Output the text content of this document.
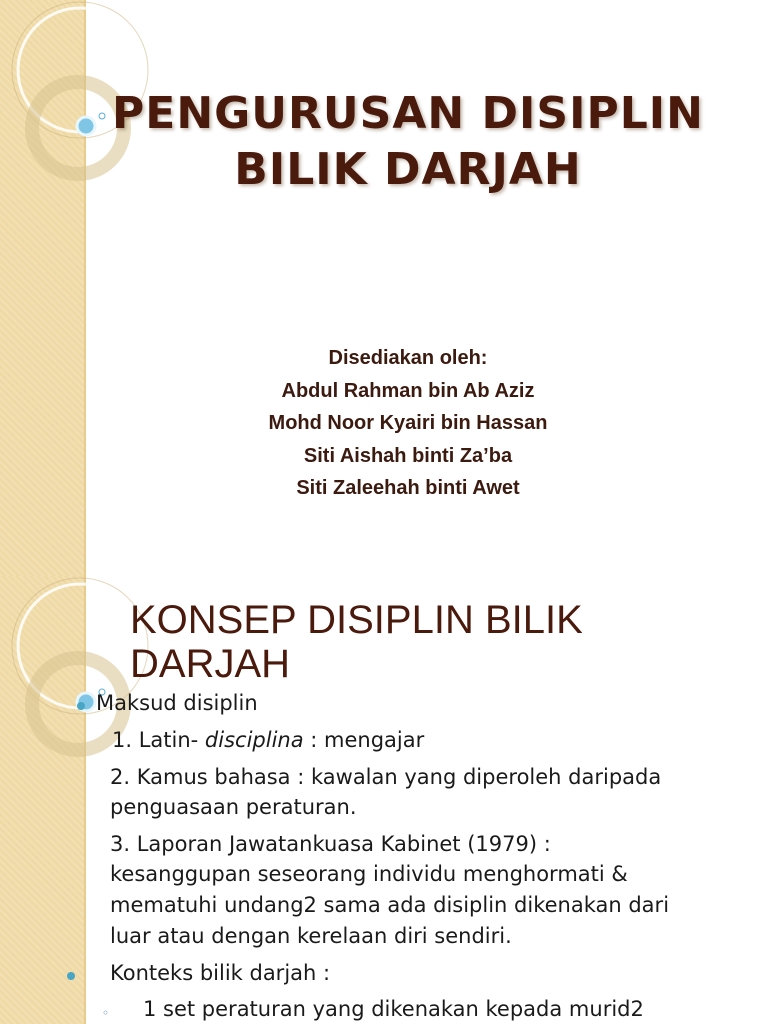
PENGURUSAN DISIPLIN
BILIK DARJAH
Disediakan oleh:
Abdul Rahman bin Ab Aziz
Mohd Noor Kyairi bin Hassan
Siti Aishah binti Za’ba
Siti Zaleehah binti Awet
KONSEP DISIPLIN BILIK
DARJAH
Maksud disiplin
1. Latin- disciplina : mengajar
2. Kamus bahasa : kawalan yang diperoleh daripada
penguasaan peraturan.
3. Laporan Jawatankuasa Kabinet (1979) :
kesanggupan seseorang individu menghormati &
mematuhi undang2 sama ada disiplin dikenakan dari
luar atau dengan kerelaan diri sendiri.
Konteks bilik darjah :
◦ 1 set peraturan yang dikenakan kepada murid2
